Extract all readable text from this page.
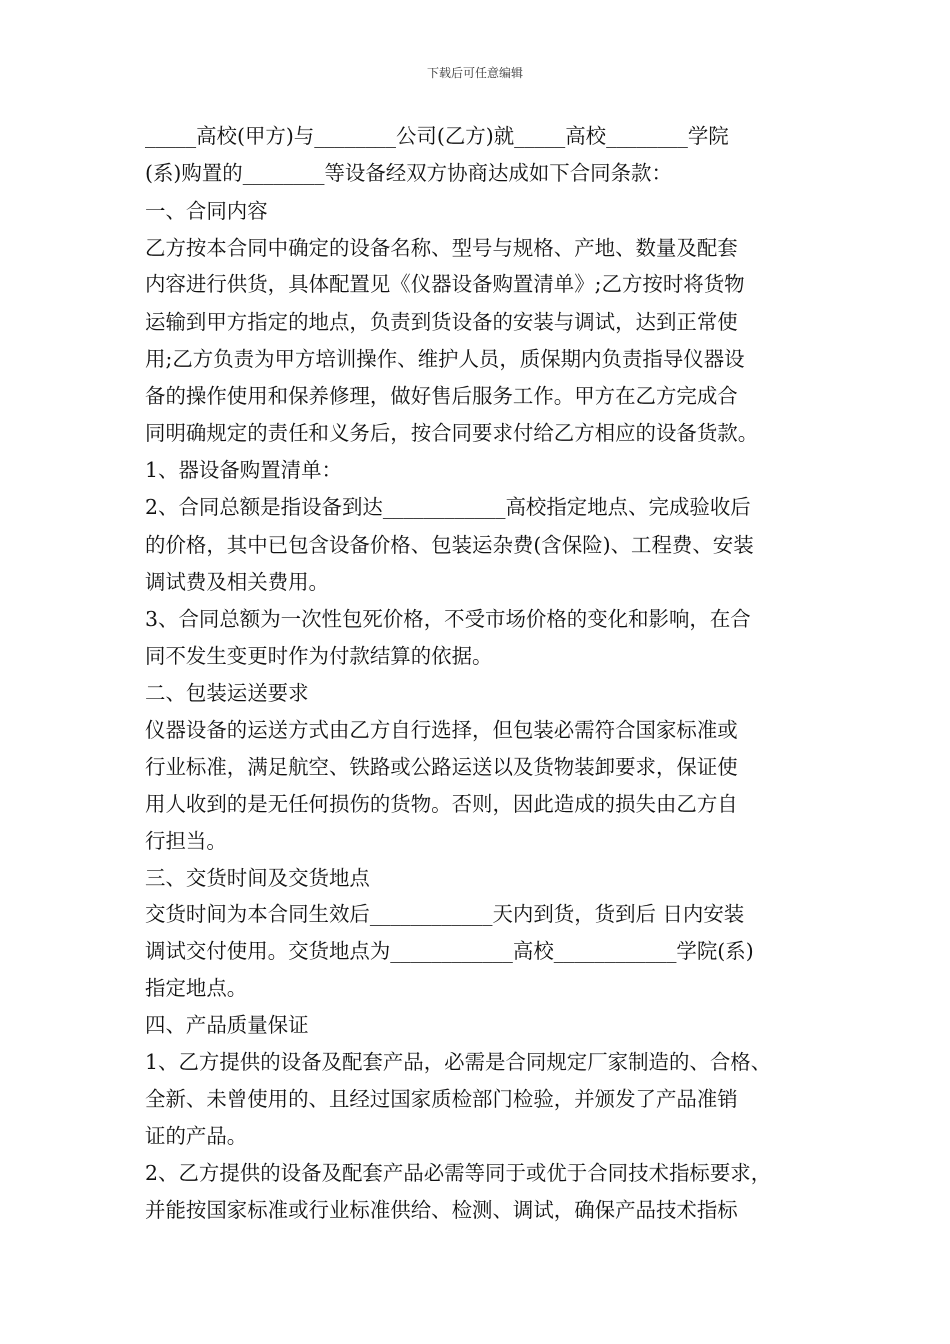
下载后可任意编辑
_____高校(甲方)与________公司(乙方)就_____高校________学院
(系)购置的________等设备经双方协商达成如下合同条款：
一、合同内容
乙方按本合同中确定的设备名称、型号与规格、产地、数量及配套
内容进行供货，具体配置见《仪器设备购置清单》;乙方按时将货物
运输到甲方指定的地点，负责到货设备的安装与调试，达到正常使
用;乙方负责为甲方培训操作、维护人员，质保期内负责指导仪器设
备的操作使用和保养修理，做好售后服务工作。甲方在乙方完成合
同明确规定的责任和义务后，按合同要求付给乙方相应的设备货款。
1、器设备购置清单：
2、合同总额是指设备到达____________高校指定地点、完成验收后
的价格，其中已包含设备价格、包装运杂费(含保险)、工程费、安装
调试费及相关费用。
3、合同总额为一次性包死价格，不受市场价格的变化和影响，在合
同不发生变更时作为付款结算的依据。
二、包装运送要求
仪器设备的运送方式由乙方自行选择，但包装必需符合国家标准或
行业标准，满足航空、铁路或公路运送以及货物装卸要求，保证使
用人收到的是无任何损伤的货物。否则，因此造成的损失由乙方自
行担当。
三、交货时间及交货地点
交货时间为本合同生效后____________天内到货，货到后 日内安装
调试交付使用。交货地点为____________高校____________学院(系)
指定地点。
四、产品质量保证
1、乙方提供的设备及配套产品，必需是合同规定厂家制造的、合格、
全新、未曾使用的、且经过国家质检部门检验，并颁发了产品准销
证的产品。
2、乙方提供的设备及配套产品必需等同于或优于合同技术指标要求，
并能按国家标准或行业标准供给、检测、调试，确保产品技术指标
